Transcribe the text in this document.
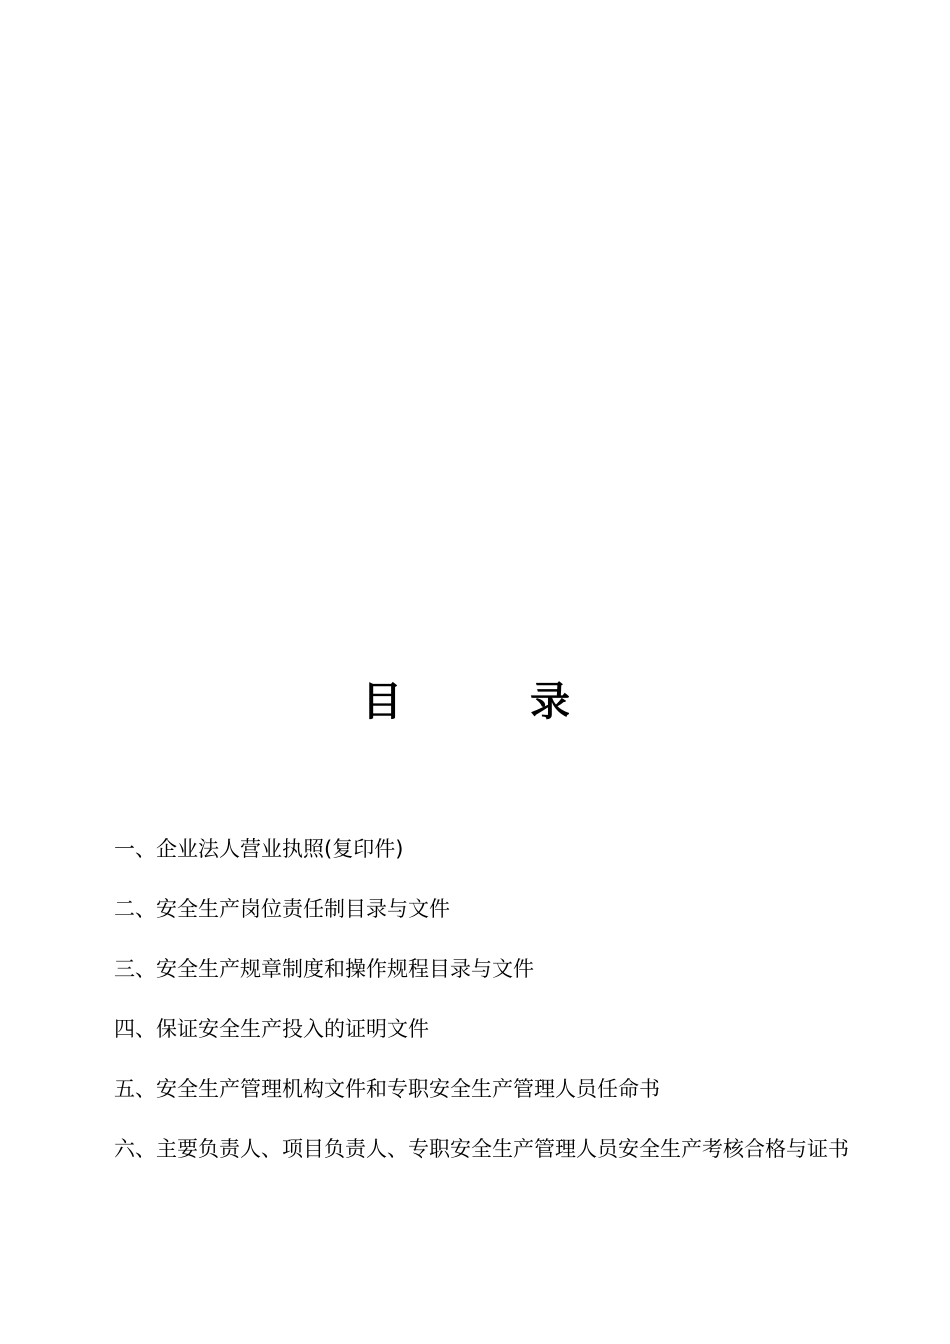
目　录
一、企业法人营业执照(复印件)
二、安全生产岗位责任制目录与文件
三、安全生产规章制度和操作规程目录与文件
四、保证安全生产投入的证明文件
五、安全生产管理机构文件和专职安全生产管理人员任命书
六、主要负责人、项目负责人、专职安全生产管理人员安全生产考核合格与证书
